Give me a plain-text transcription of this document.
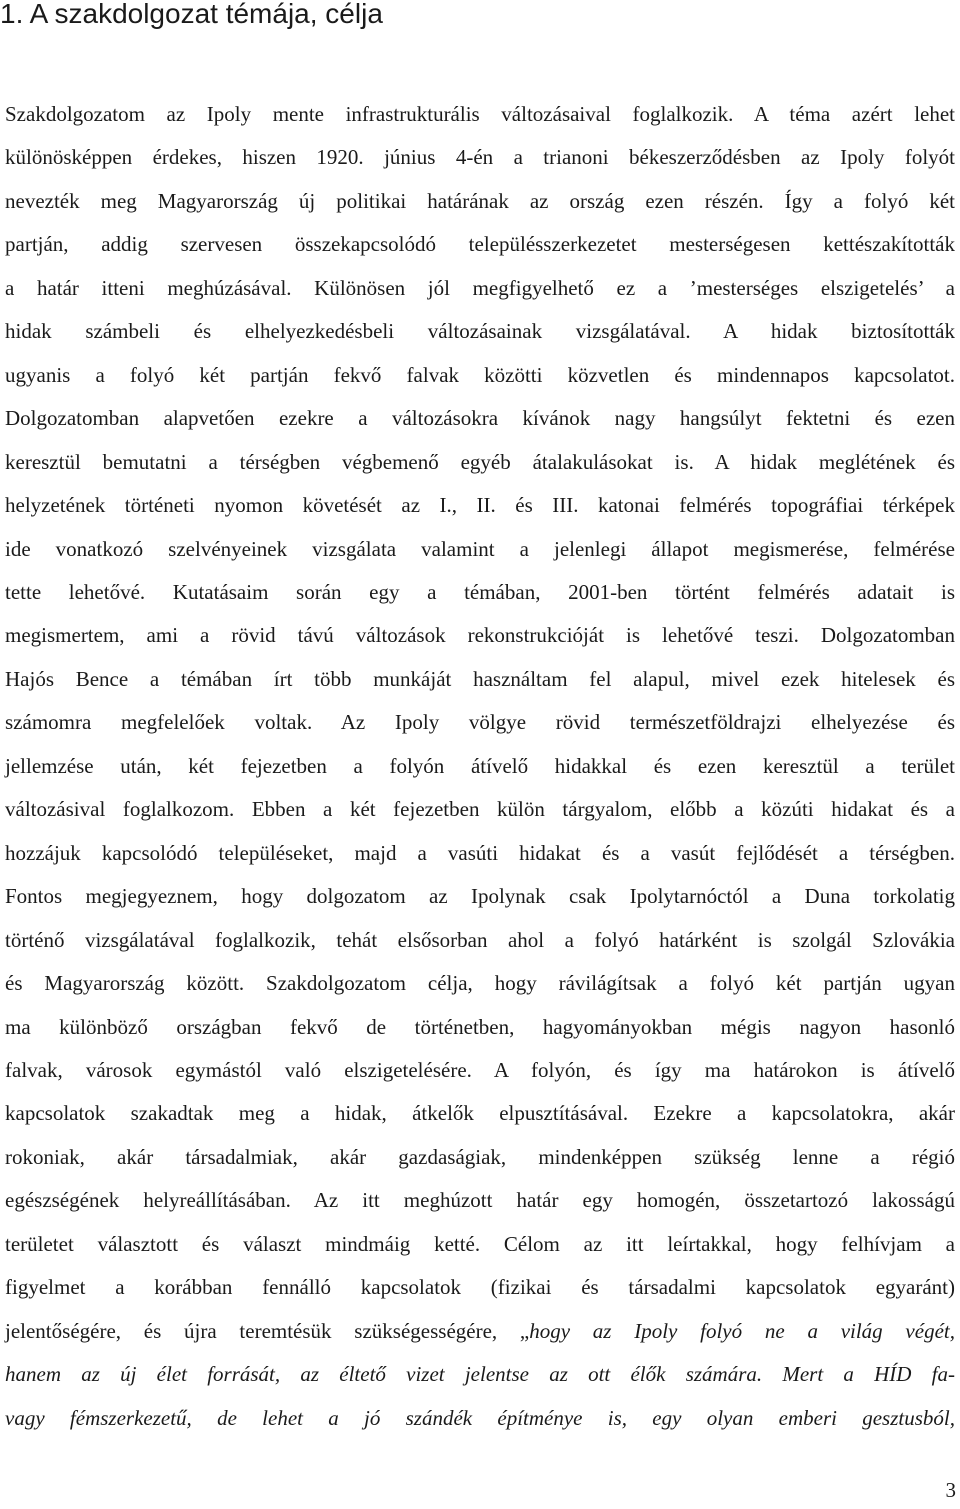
1. A szakdolgozat témája, célja
Szakdolgozatom az Ipoly mente infrastrukturális változásaival foglalkozik. A téma azért lehet
különösképpen érdekes, hiszen 1920. június 4-én a trianoni békeszerződésben az Ipoly folyót
nevezték meg Magyarország új politikai határának az ország ezen részén. Így a folyó két
partján, addig szervesen összekapcsolódó településszerkezetet mesterségesen kettészakították
a határ itteni meghúzásával. Különösen jól megfigyelhető ez a ’mesterséges elszigetelés’ a
hidak számbeli és elhelyezkedésbeli változásainak vizsgálatával. A hidak biztosították
ugyanis a folyó két partján fekvő falvak közötti közvetlen és mindennapos kapcsolatot.
Dolgozatomban alapvetően ezekre a változásokra kívánok nagy hangsúlyt fektetni és ezen
keresztül bemutatni a térségben végbemenő egyéb átalakulásokat is. A hidak meglétének és
helyzetének történeti nyomon követését az I., II. és III. katonai felmérés topográfiai térképek
ide vonatkozó szelvényeinek vizsgálata valamint a jelenlegi állapot megismerése, felmérése
tette lehetővé. Kutatásaim során egy a témában, 2001-ben történt felmérés adatait is
megismertem, ami a rövid távú változások rekonstrukcióját is lehetővé teszi. Dolgozatomban
Hajós Bence a témában írt több munkáját használtam fel alapul, mivel ezek hitelesek és
számomra megfelelőek voltak. Az Ipoly völgye rövid természetföldrajzi elhelyezése és
jellemzése után, két fejezetben a folyón átívelő hidakkal és ezen keresztül a terület
változásival foglalkozom. Ebben a két fejezetben külön tárgyalom, előbb a közúti hidakat és a
hozzájuk kapcsolódó településeket, majd a vasúti hidakat és a vasút fejlődését a térségben.
Fontos megjegyeznem, hogy dolgozatom az Ipolynak csak Ipolytarnóctól a Duna torkolatig
történő vizsgálatával foglalkozik, tehát elsősorban ahol a folyó határként is szolgál Szlovákia
és Magyarország között. Szakdolgozatom célja, hogy rávilágítsak a folyó két partján ugyan
ma különböző országban fekvő de történetben, hagyományokban mégis nagyon hasonló
falvak, városok egymástól való elszigetelésére. A folyón, és így ma határokon is átívelő
kapcsolatok szakadtak meg a hidak, átkelők elpusztításával. Ezekre a kapcsolatokra, akár
rokoniak, akár társadalmiak, akár gazdaságiak, mindenképpen szükség lenne a régió
egészségének helyreállításában. Az itt meghúzott határ egy homogén, összetartozó lakosságú
területet választott és választ mindmáig ketté. Célom az itt leírtakkal, hogy felhívjam a
figyelmet a korábban fennálló kapcsolatok (fizikai és társadalmi kapcsolatok egyaránt)
jelentőségére, és újra teremtésük szükségességére, „hogy az Ipoly folyó ne a világ végét,
hanem az új élet forrását, az éltető vizet jelentse az ott élők számára. Mert a HÍD fa-
vagy fémszerkezetű, de lehet a jó szándék építménye is, egy olyan emberi gesztusból,
3
